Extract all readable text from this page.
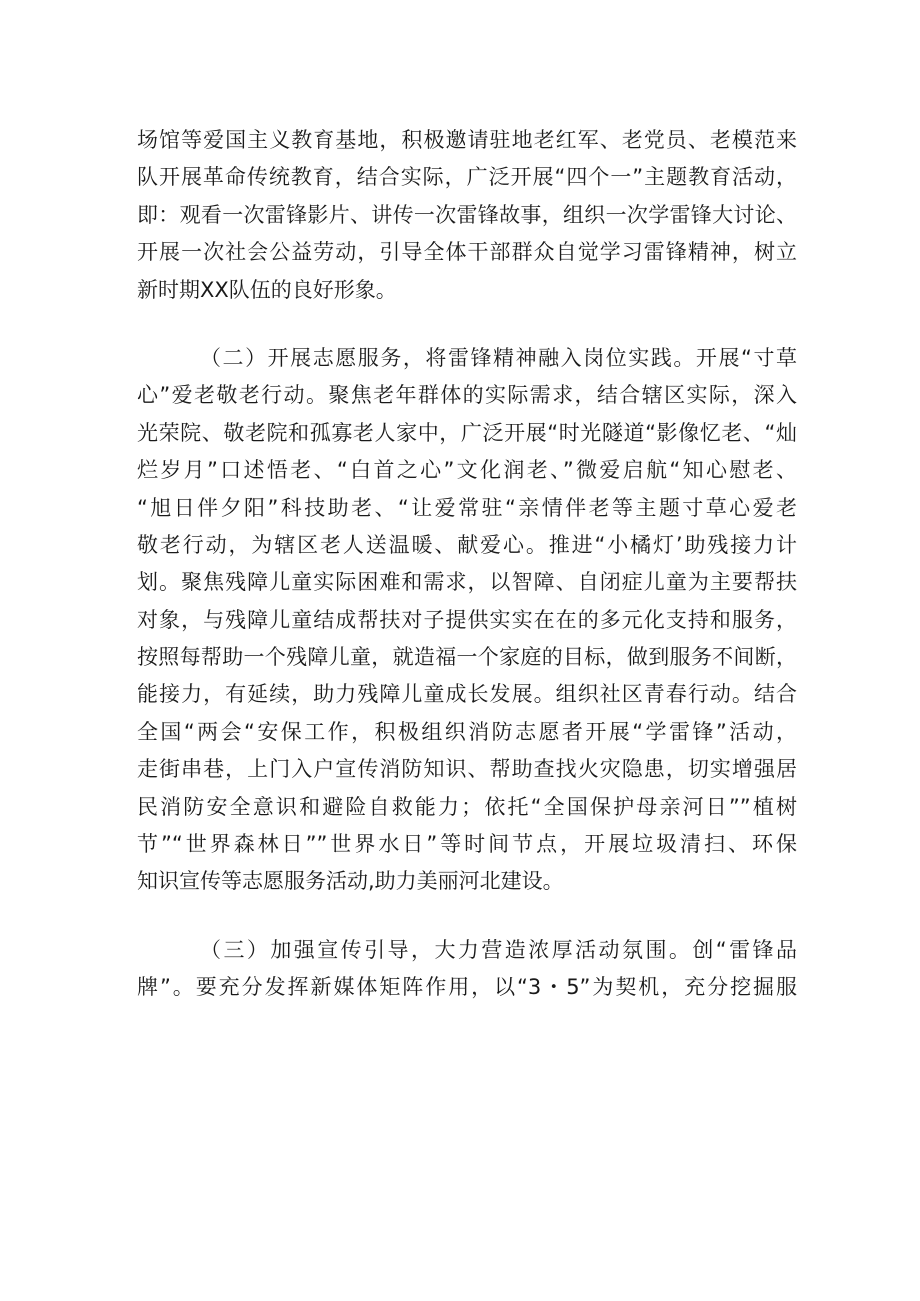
场馆等爱国主义教育基地，积极邀请驻地老红军、老党员、老模范来
队开展革命传统教育，结合实际，广泛开展“四个一”主题教育活动，
即：观看一次雷锋影片、讲传一次雷锋故事，组织一次学雷锋大讨论、
开展一次社会公益劳动，引导全体干部群众自觉学习雷锋精神，树立
新时期XX队伍的良好形象。
（二）开展志愿服务，将雷锋精神融入岗位实践。开展“寸草
心”爱老敬老行动。聚焦老年群体的实际需求，结合辖区实际，深入
光荣院、敬老院和孤寡老人家中，广泛开展“时光隧道“影像忆老、“灿
烂岁月”口述悟老、“白首之心”文化润老、”微爱启航“知心慰老、
“旭日伴夕阳”科技助老、“让爱常驻“亲情伴老等主题寸草心爱老
敬老行动，为辖区老人送温暖、献爱心。推进“小橘灯’助残接力计
划。聚焦残障儿童实际困难和需求，以智障、自闭症儿童为主要帮扶
对象，与残障儿童结成帮扶对子提供实实在在的多元化支持和服务，
按照每帮助一个残障儿童，就造福一个家庭的目标，做到服务不间断，
能接力，有延续，助力残障儿童成长发展。组织社区青春行动。结合
全国“两会“安保工作，积极组织消防志愿者开展“学雷锋”活动，
走街串巷，上门入户宣传消防知识、帮助查找火灾隐患，切实增强居
民消防安全意识和避险自救能力；依托“全国保护母亲河日””植树
节”“世界森林日””世界水日”等时间节点，开展垃圾清扫、环保
知识宣传等志愿服务活动,助力美丽河北建设。
（三）加强宣传引导，大力营造浓厚活动氛围。创“雷锋品
牌”。要充分发挥新媒体矩阵作用，以“3・5”为契机，充分挖掘服
